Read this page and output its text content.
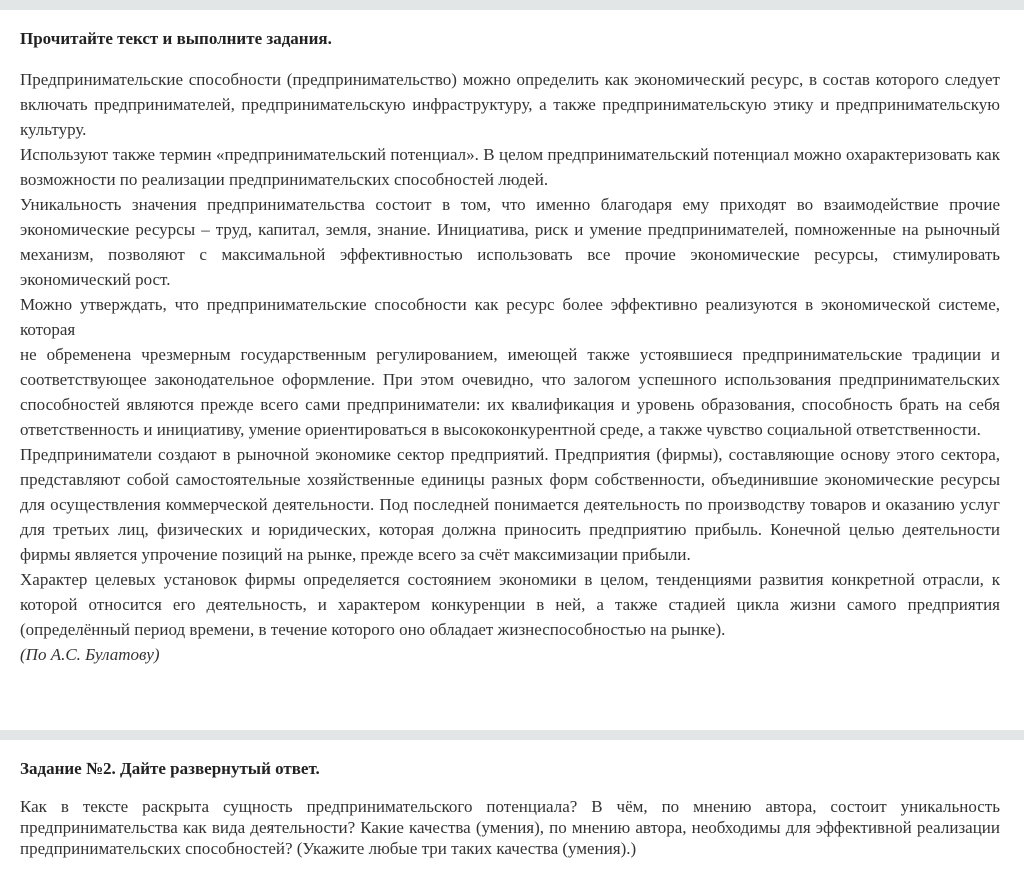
Прочитайте текст и выполните задания.

Предпринимательские способности (предпринимательство) можно определить как экономический ресурс, в состав которого следует включать предпринимателей, предпринимательскую инфраструктуру, а также предпринимательскую этику и предпринимательскую культуру.

Используют также термин «предпринимательский потенциал». В целом предпринимательский потенциал можно охарактеризовать как возможности по реализации предпринимательских способностей людей.

Уникальность значения предпринимательства состоит в том, что именно благодаря ему приходят во взаимодействие прочие экономические ресурсы – труд, капитал, земля, знание. Инициатива, риск и умение предпринимателей, помноженные на рыночный механизм, позволяют с максимальной эффективностью использовать все прочие экономические ресурсы, стимулировать экономический рост.

Можно утверждать, что предпринимательские способности как ресурс более эффективно реализуются в экономической системе, которая

не обременена чрезмерным государственным регулированием, имеющей также устоявшиеся предпринимательские традиции и соответствующее законодательное оформление. При этом очевидно, что залогом успешного использования предпринимательских способностей являются прежде всего сами предприниматели: их квалификация и уровень образования, способность брать на себя ответственность и инициативу, умение ориентироваться в высококонкурентной среде, а также чувство социальной ответственности.

Предприниматели создают в рыночной экономике сектор предприятий. Предприятия (фирмы), составляющие основу этого сектора, представляют собой самостоятельные хозяйственные единицы разных форм собственности, объединившие экономические ресурсы для осуществления коммерческой деятельности. Под последней понимается деятельность по производству товаров и оказанию услуг для третьих лиц, физических и юридических, которая должна приносить предприятию прибыль. Конечной целью деятельности фирмы является упрочение позиций на рынке, прежде всего за счёт максимизации прибыли.

Характер целевых установок фирмы определяется состоянием экономики в целом, тенденциями развития конкретной отрасли, к которой относится его деятельность, и характером конкуренции в ней, а также стадией цикла жизни самого предприятия (определённый период времени, в течение которого оно обладает жизнеспособностью на рынке).

(По А.С. Булатову)

Задание №2. Дайте развернутый ответ.

Как в тексте раскрыта сущность предпринимательского потенциала? В чём, по мнению автора, состоит уникальность предпринимательства как вида деятельности? Какие качества (умения), по мнению автора, необходимы для эффективной реализации предпринимательских способностей? (Укажите любые три таких качества (умения).)
